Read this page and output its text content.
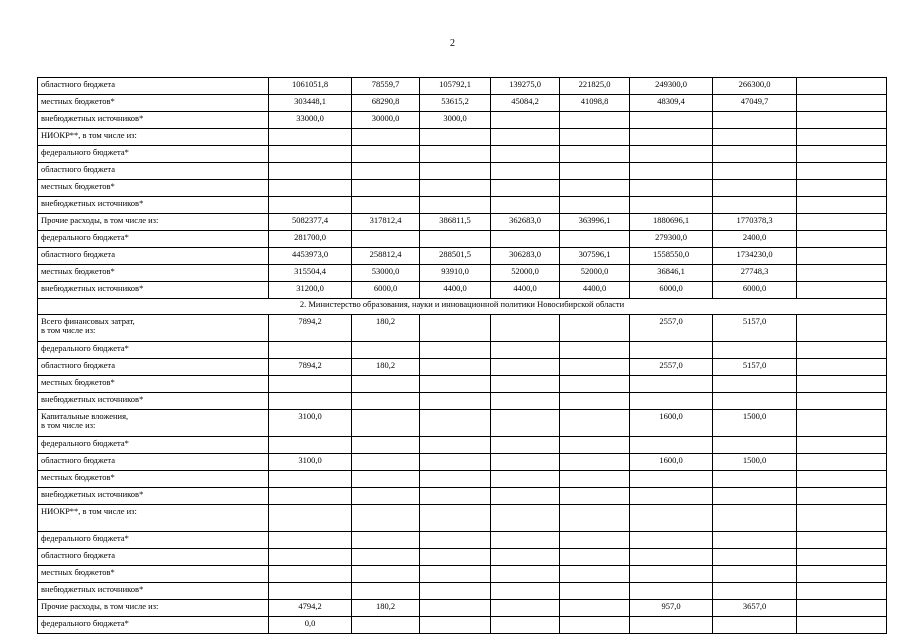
2
областного бюджета	1061051,8	78559,7	105792,1	139275,0	221825,0	249300,0	266300,0	
местных бюджетов*	303448,1	68290,8	53615,2	45084,2	41098,8	48309,4	47049,7	
внебюджетных источников*	33000,0	30000,0	3000,0					
НИОКР**, в том числе из:								
федерального бюджета*								
областного бюджета								
местных бюджетов*								
внебюджетных источников*								
Прочие расходы, в том числе из:	5082377,4	317812,4	386811,5	362683,0	363996,1	1880696,1	1770378,3	
федерального бюджета*	281700,0					279300,0	2400,0	
областного бюджета	4453973,0	258812,4	288501,5	306283,0	307596,1	1558550,0	1734230,0	
местных бюджетов*	315504,4	53000,0	93910,0	52000,0	52000,0	36846,1	27748,3	
внебюджетных источников*	31200,0	6000,0	4400,0	4400,0	4400,0	6000,0	6000,0	
2. Министерство образования, науки и инновационной политики Новосибирской области								
Всего финансовых затрат,
в том числе из:	7894,2	180,2				2557,0	5157,0	
федерального бюджета*								
областного бюджета	7894,2	180,2				2557,0	5157,0	
местных бюджетов*								
внебюджетных источников*								
Капитальные вложения,
в том числе из:	3100,0					1600,0	1500,0	
федерального бюджета*								
областного бюджета	3100,0					1600,0	1500,0	
местных бюджетов*								
внебюджетных источников*								
НИОКР**, в том числе из:								
федерального бюджета*								
областного бюджета								
местных бюджетов*								
внебюджетных источников*								
Прочие расходы, в том числе из:	4794,2	180,2				957,0	3657,0	
федерального бюджета*	0,0							
